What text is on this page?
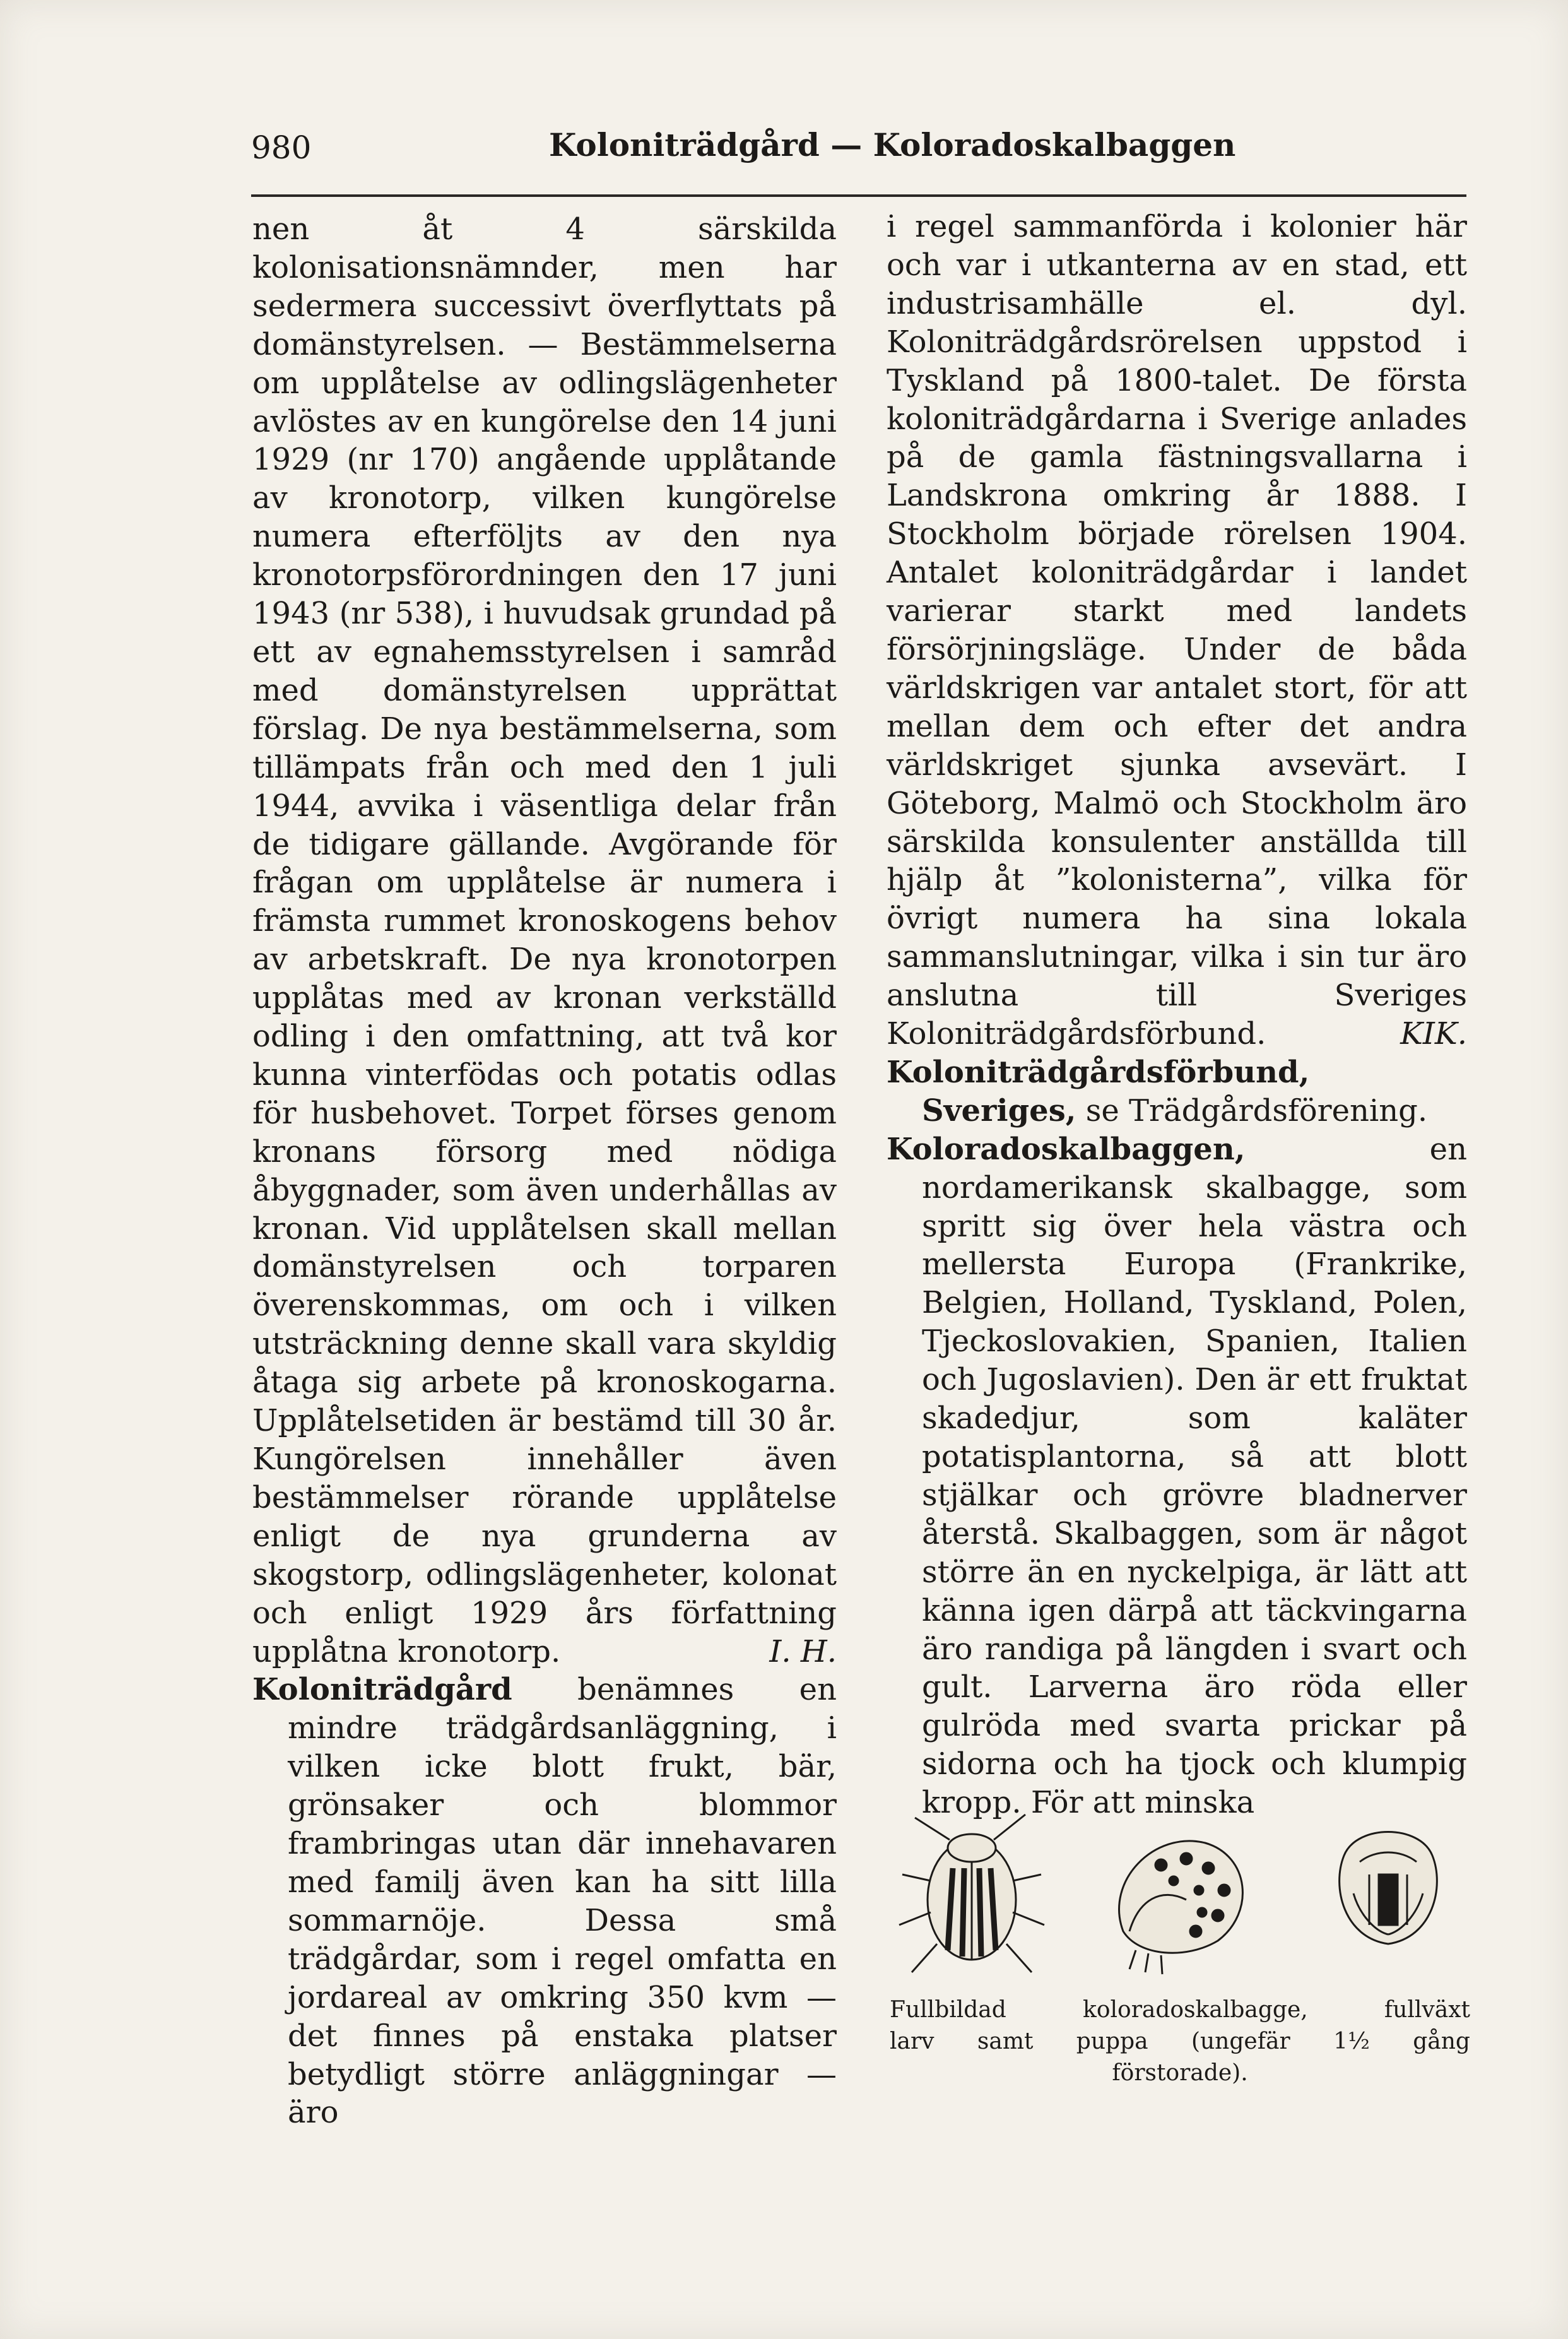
980	Koloniträdgård — Koloradoskalbaggen

nen åt 4 särskilda kolonisationsnämnder, men har sedermera successivt överflyttats på domänstyrelsen. — Bestämmelserna om upplåtelse av odlingslägenheter avlöstes av en kungörelse den 14 juni 1929 (nr 170) angående upplåtande av kronotorp, vilken kungörelse numera efterföljts av den nya kronotorpsförordningen den 17 juni 1943 (nr 538), i huvudsak grundad på ett av egnahemsstyrelsen i samråd med domänstyrelsen upprättat förslag. De nya bestämmelserna, som tillämpats från och med den 1 juli 1944, avvika i väsentliga delar från de tidigare gällande. Avgörande för frågan om upplåtelse är numera i främsta rummet kronoskogens behov av arbetskraft. De nya kronotorpen upplåtas med av kronan verkställd odling i den omfattning, att två kor kunna vinterfödas och potatis odlas för husbehovet. Torpet förses genom kronans försorg med nödiga åbyggnader, som även underhållas av kronan. Vid upplåtelsen skall mellan domänstyrelsen och torparen överenskommas, om och i vilken utsträckning denne skall vara skyldig åtaga sig arbete på kronoskogarna. Upplåtelsetiden är bestämd till 30 år. Kungörelsen innehåller även bestämmelser rörande upplåtelse enligt de nya grunderna av skogstorp, odlingslägenheter, kolonat och enligt 1929 års författning upplåtna kronotorp.	I. H.

Koloniträdgård benämnes en mindre trädgårdsanläggning, i vilken icke blott frukt, bär, grönsaker och blommor frambringas utan där innehavaren med familj även kan ha sitt lilla sommarnöje. Dessa små trädgårdar, som i regel omfatta en jordareal av omkring 350 kvm — det finnes på enstaka platser betydligt större anläggningar — äro

i regel sammanförda i kolonier här och var i utkanterna av en stad, ett industrisamhälle el. dyl. Koloniträdgårdsrörelsen uppstod i Tyskland på 1800-talet. De första koloniträdgårdarna i Sverige anlades på de gamla fästningsvallarna i Landskrona omkring år 1888. I Stockholm började rörelsen 1904. Antalet koloniträdgårdar i landet varierar starkt med landets försörjningsläge. Under de båda världskrigen var antalet stort, för att mellan dem och efter det andra världskriget sjunka avsevärt. I Göteborg, Malmö och Stockholm äro särskilda konsulenter anställda till hjälp åt ”kolonisterna”, vilka för övrigt numera ha sina lokala sammanslutningar, vilka i sin tur äro anslutna till Sveriges Koloniträdgårdsförbund.	KIK.

Koloniträdgårdsförbund, Sveriges, se Trädgårdsförening.

Koloradoskalbaggen, en nordamerikansk skalbagge, som spritt sig över hela västra och mellersta Europa (Frankrike, Belgien, Holland, Tyskland, Polen, Tjeckoslovakien, Spanien, Italien och Jugoslavien). Den är ett fruktat skadedjur, som kaläter potatisplantorna, så att blott stjälkar och grövre bladnerver återstå. Skalbaggen, som är något större än en nyckelpiga, är lätt att känna igen därpå att täckvingarna äro randiga på längden i svart och gult. Larverna äro röda eller gulröda med svarta prickar på sidorna och ha tjock och klumpig kropp. För att minska

Fullbildad	koloradoskalbagge,	fullväxt
larv samt puppa (ungefär 1½ gång
förstorade).
